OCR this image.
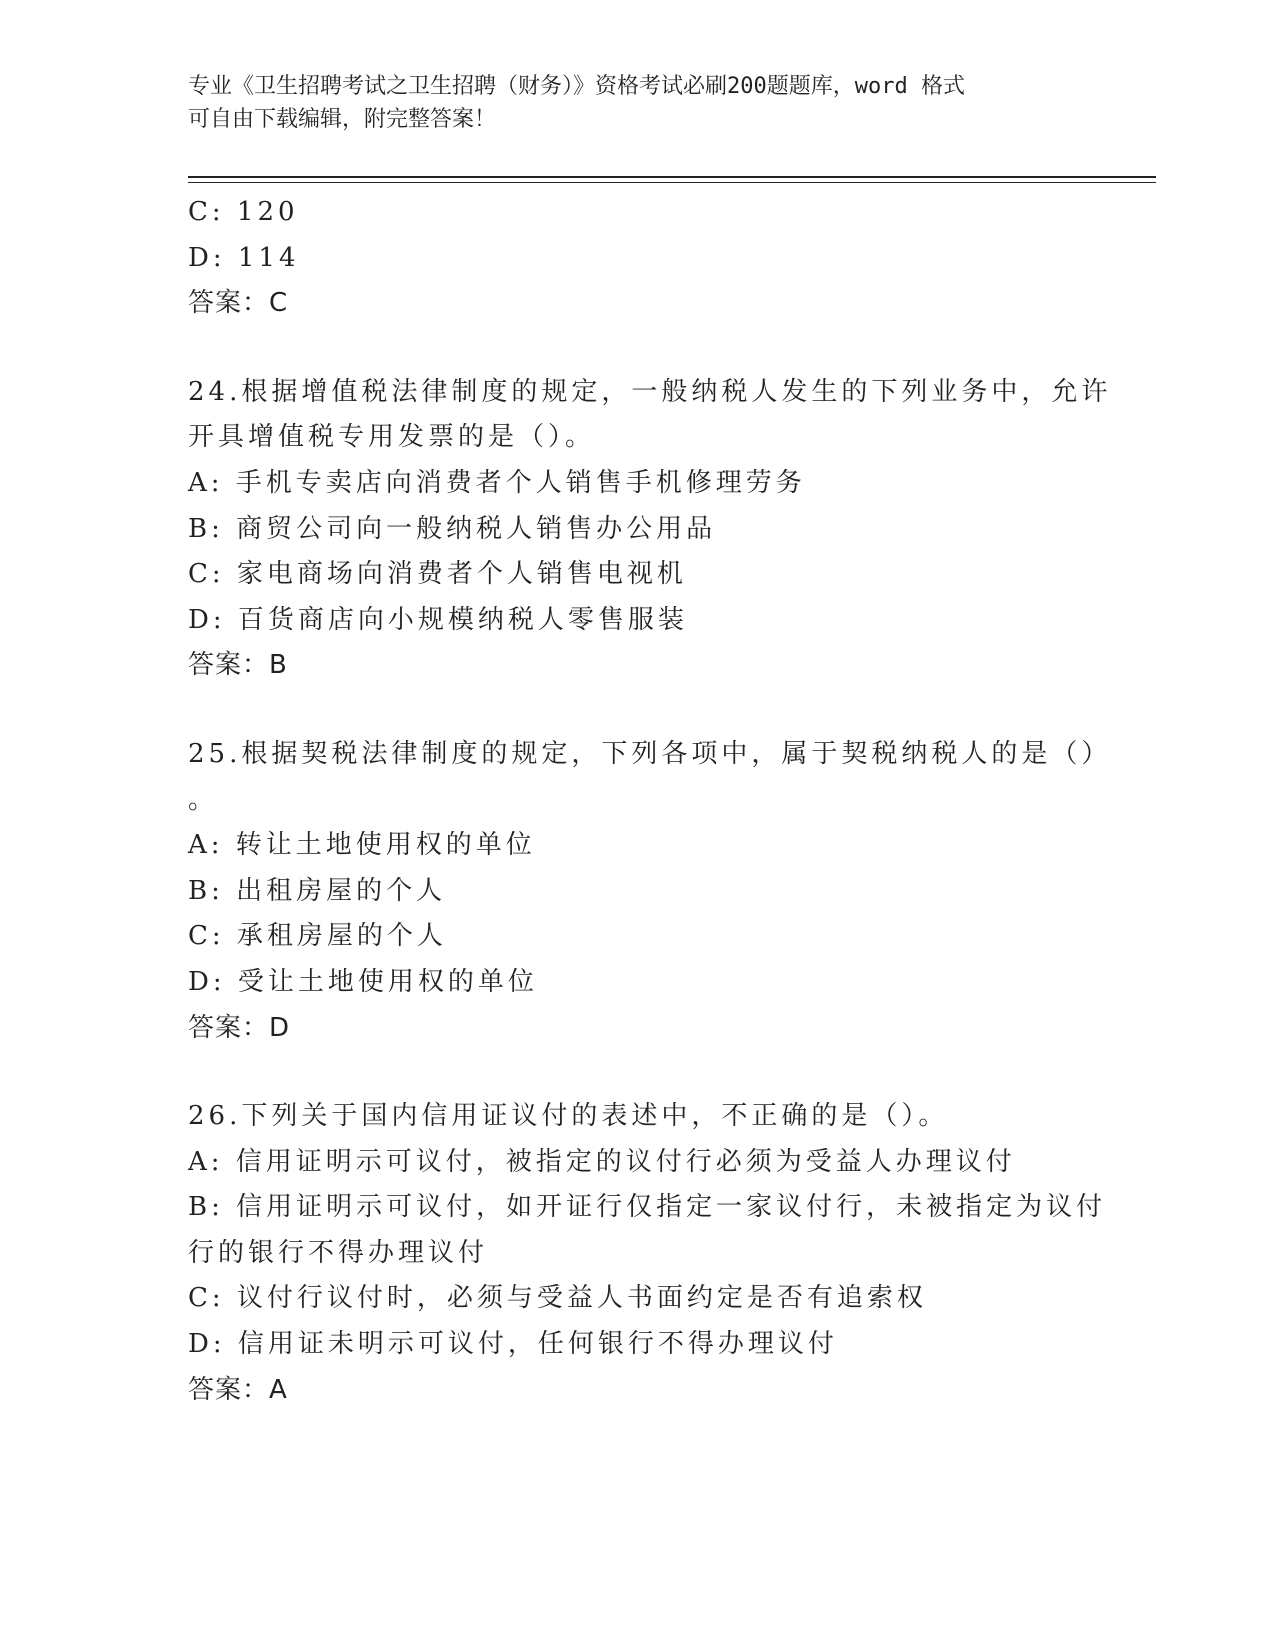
专业《卫生招聘考试之卫生招聘（财务）》资格考试必刷200题题库，word 格式
可自由下载编辑，附完整答案！
C: 120
D: 114
答案：C
24.根据增值税法律制度的规定，一般纳税人发生的下列业务中，允许
开具增值税专用发票的是（）。
A: 手机专卖店向消费者个人销售手机修理劳务
B: 商贸公司向一般纳税人销售办公用品
C: 家电商场向消费者个人销售电视机
D: 百货商店向小规模纳税人零售服装
答案：B
25.根据契税法律制度的规定，下列各项中，属于契税纳税人的是（）
。
A: 转让土地使用权的单位
B: 出租房屋的个人
C: 承租房屋的个人
D: 受让土地使用权的单位
答案：D
26.下列关于国内信用证议付的表述中，不正确的是（）。
A: 信用证明示可议付，被指定的议付行必须为受益人办理议付
B: 信用证明示可议付，如开证行仅指定一家议付行，未被指定为议付
行的银行不得办理议付
C: 议付行议付时，必须与受益人书面约定是否有追索权
D: 信用证未明示可议付，任何银行不得办理议付
答案：A
